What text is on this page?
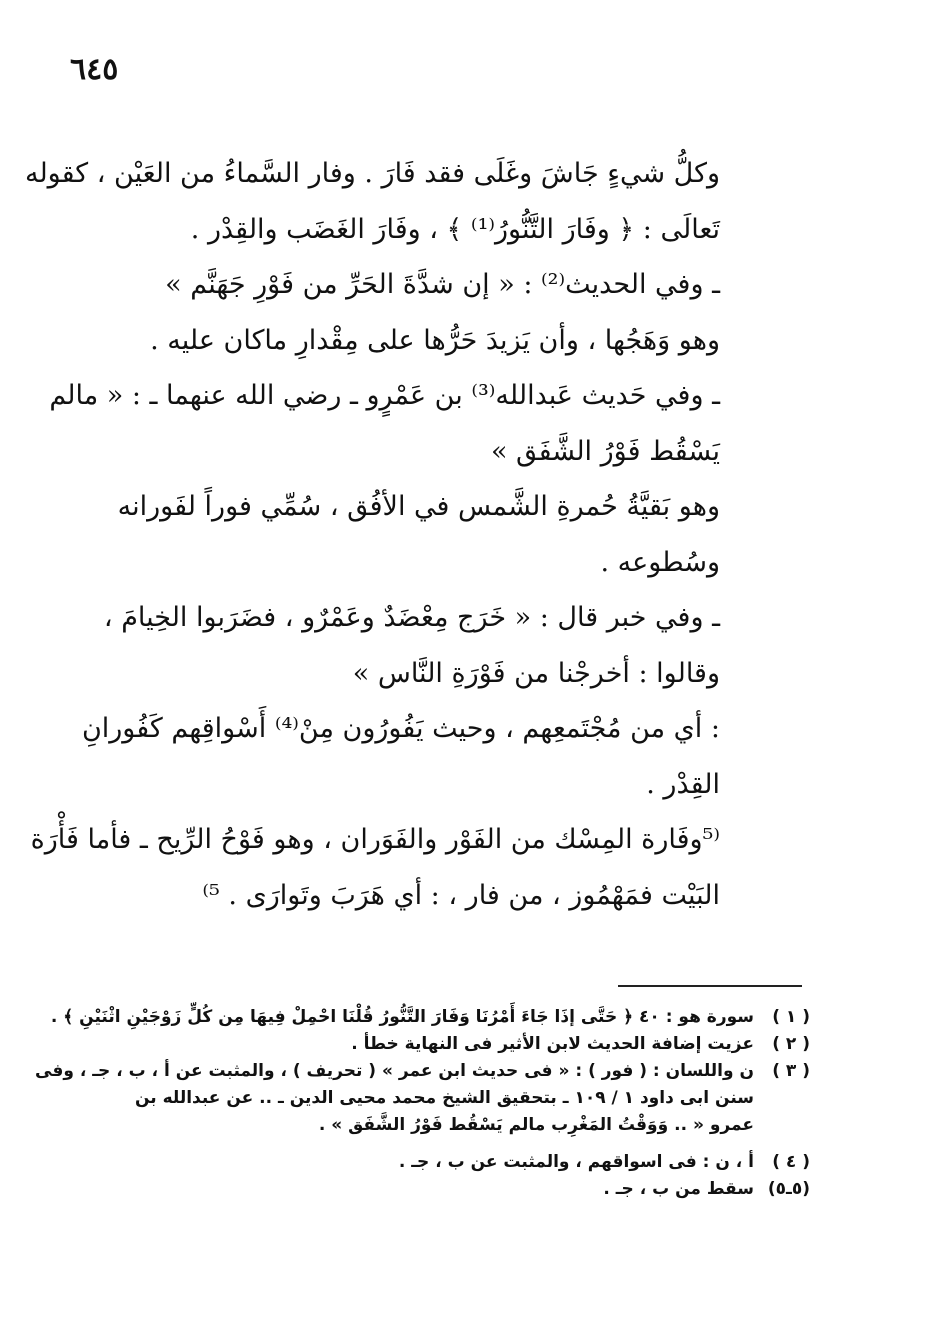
٦٤٥
وكلُّ شيءٍ جَاشَ وغَلَى فقد فَارَ . وفار السَّماءُ من العَيْن ، كقوله
تَعالَى : ﴿ وفَارَ التَّنُّورُ⁽¹⁾ ﴾ ، وفَارَ الغَضَب والقِدْر .
ـ وفي الحديث⁽²⁾ : « إن شدَّةَ الحَرِّ من فَوْرِ جَهَنَّم »
وهو وَهَجُها ، وأن يَزيدَ حَرُّها على مِقْدارِ ماكان عليه .
ـ وفي حَديث عَبدالله⁽³⁾ بن عَمْرٍو ـ رضي الله عنهما ـ : « مالم
يَسْقُط فَوْرُ الشَّفَق »
وهو بَقيَّةُ حُمرةِ الشَّمس في الأفُق ، سُمِّي فوراً لفَورانه
وسُطوعه .
ـ وفي خبر قال : « خَرَج مِعْضَدٌ وعَمْرٌو ، فضَرَبوا الخِيامَ ،
وقالوا : أخرجْنا من فَوْرَةِ النَّاس »
: أي من مُجْتَمعِهم ، وحيث يَفُورُون مِنْ⁽⁴⁾ أَسْواقِهم كَفُورانِ
القِدْر .
⁽⁵وفَارة المِسْك من الفَوْر والفَوَران ، وهو فَوْحُ الرِّيح ـ فأما فَأْرَة
البَيْت فمَهْمُوز ، من فار ، : أي هَرَبَ وتَوارَى . ⁵⁾
( ١ )
سورة هو : ٤٠ ﴿ حَتَّى إذَا جَاءَ أَمْرُنَا وَفَارَ التَّنُّورُ قُلْنَا احْمِلْ فِيهَا مِن كُلٍّ زَوْجَيْنِ اثْنَيْنِ ﴾ .
( ٢ )
عزيت إضافة الحديث لابن الأثير فى النهاية خطأ .
( ٣ )
ن واللسان : ( فور ) : « فى حديث ابن عمر » ( تحريف ) ، والمثبت عن أ ، ب ، جـ ، وفى
سنن ابى داود ١ / ١٠٩ ـ بتحقيق الشيخ محمد محيى الدين ـ .. عن عبدالله بن
عمرو « .. وَوَقْتُ المَغْرِب مالم يَسْقُط فَوْرُ الشَّفَق » .
( ٤ )
أ ، ن : فى اسواقهم ، والمثبت عن ب ، جـ .
(٥ـ٥)
سقط من ب ، جـ .
